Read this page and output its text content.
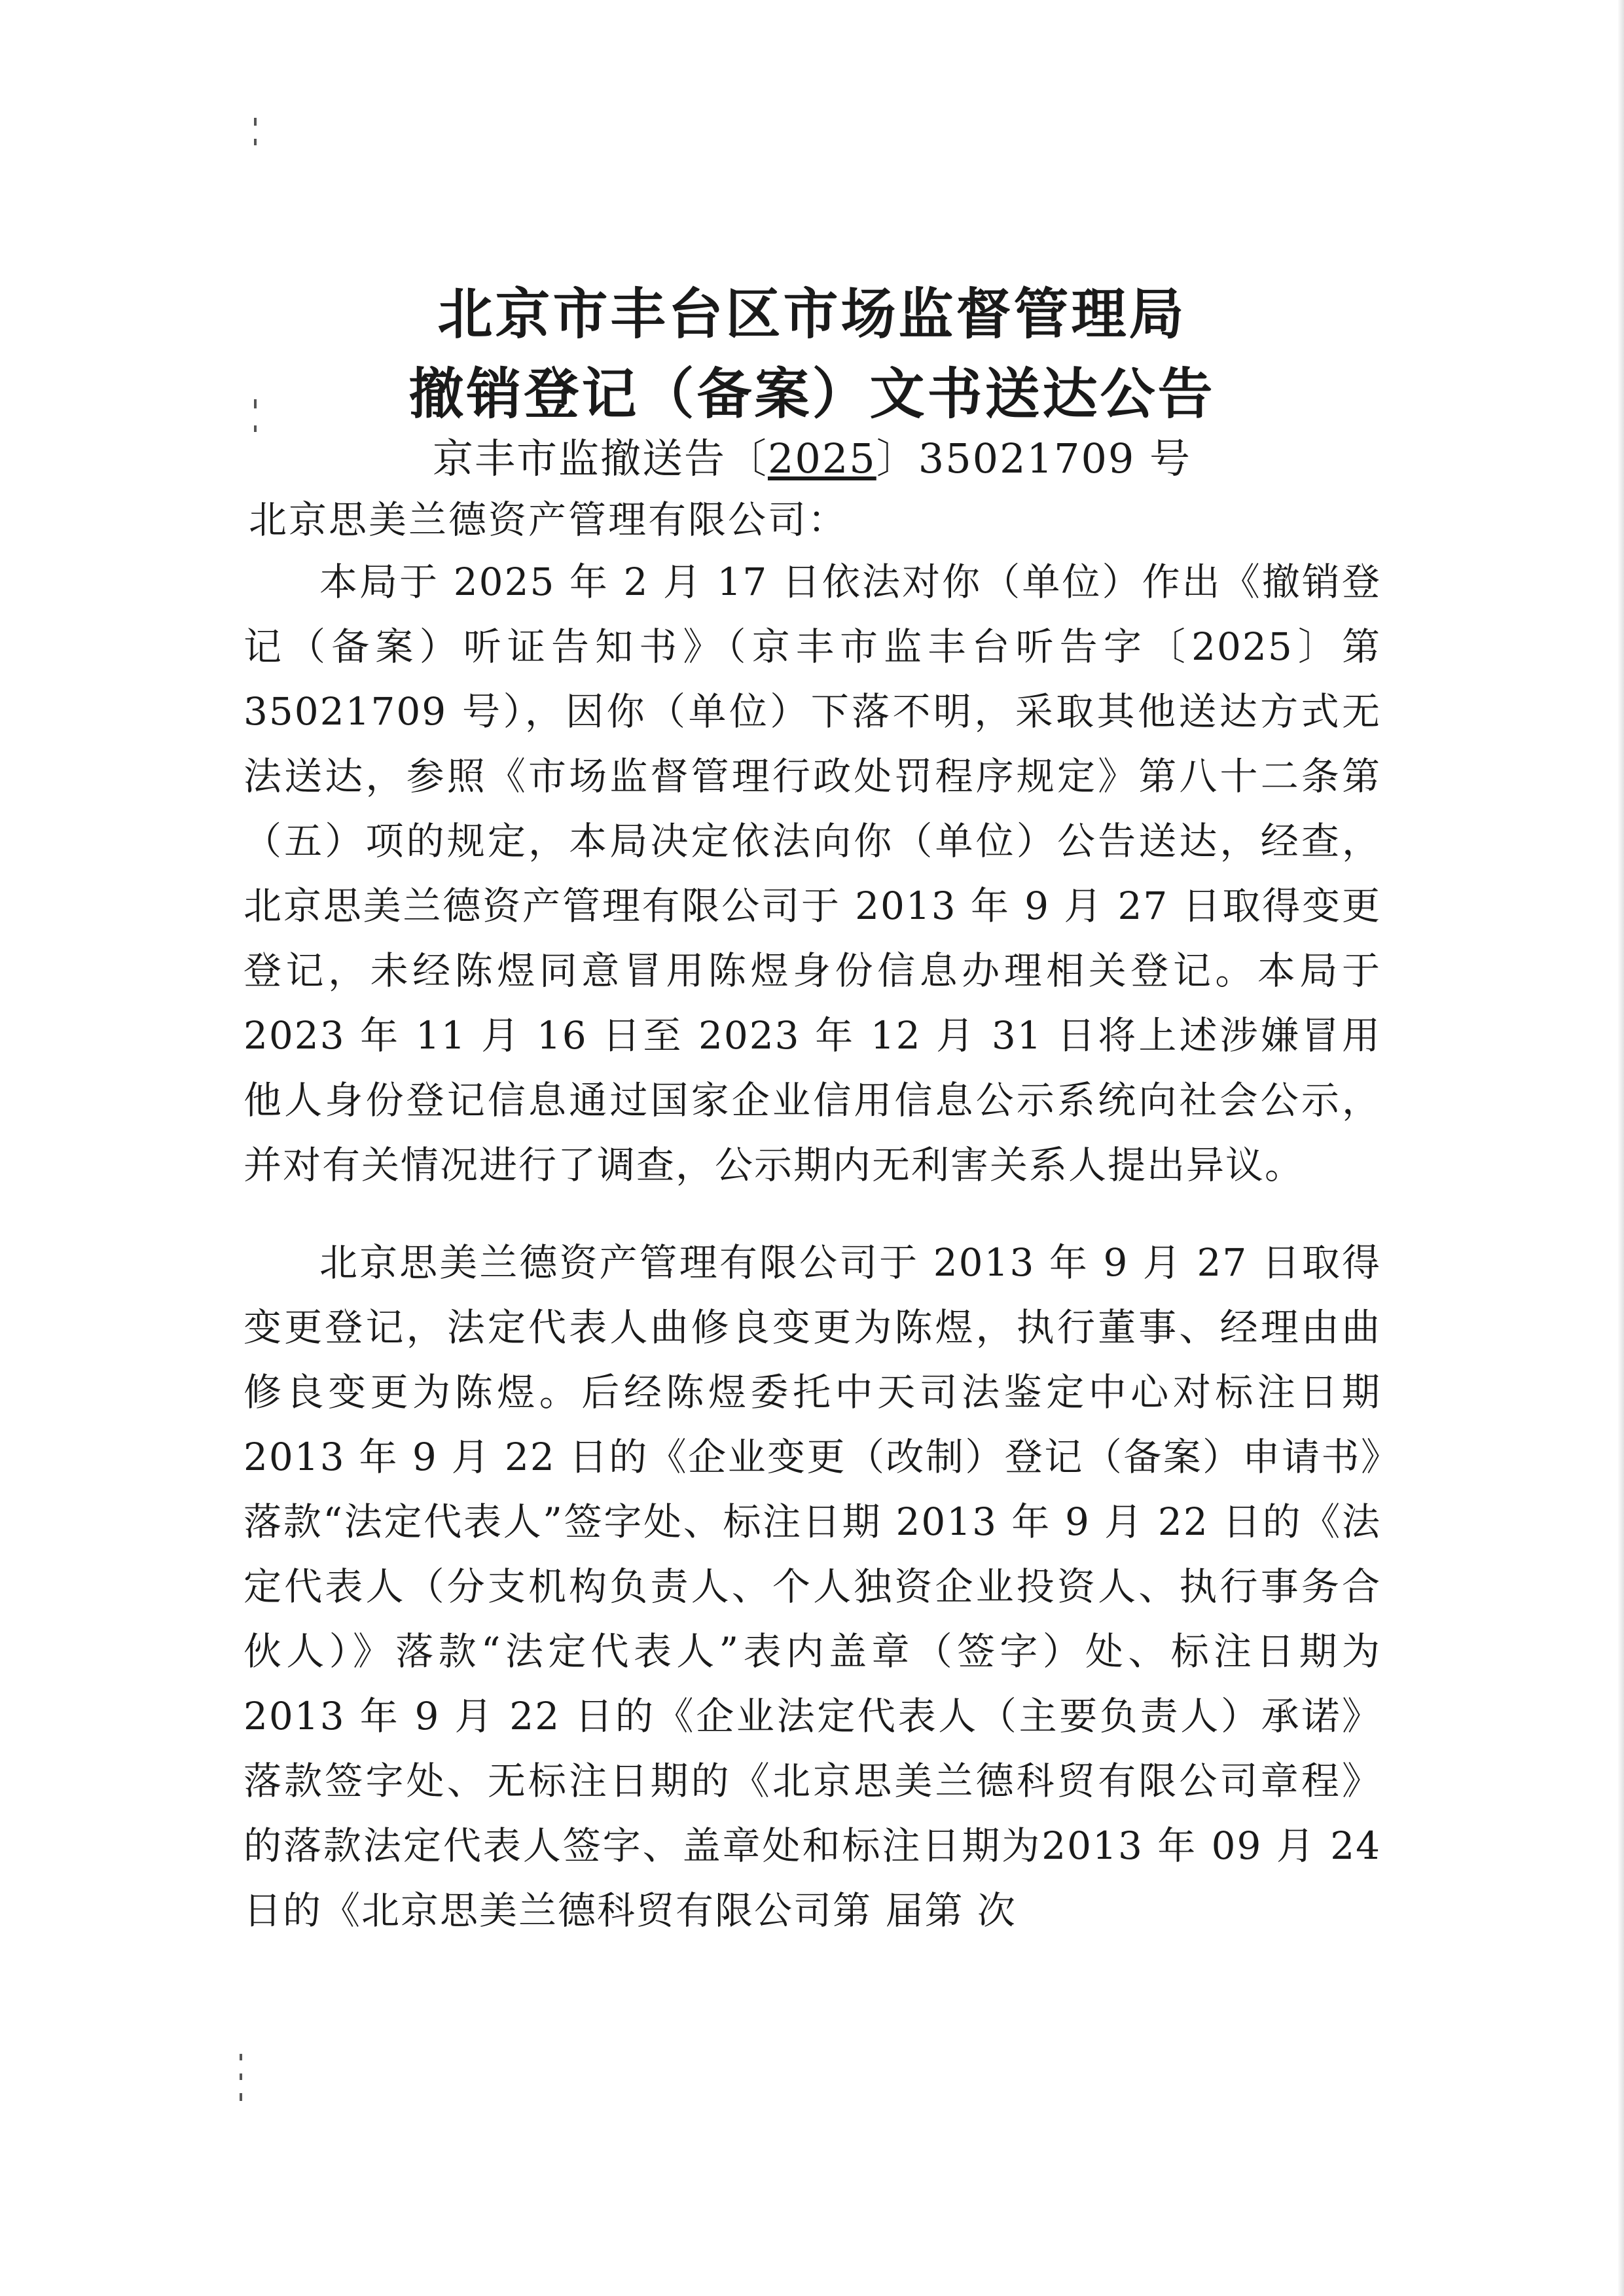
北京市丰台区市场监督管理局
撤销登记（备案）文书送达公告
京丰市监撤送告〔2025〕35021709 号
北京思美兰德资产管理有限公司：

本局于 2025 年 2 月 17 日依法对你（单位）作出《撤销登记（备案）听证告知书》（京丰市监丰台听告字〔2025〕第35021709 号），因你（单位）下落不明，采取其他送达方式无法送达，参照《市场监督管理行政处罚程序规定》第八十二条第（五）项的规定，本局决定依法向你（单位）公告送达，经查，北京思美兰德资产管理有限公司于 2013 年 9 月 27 日取得变更登记，未经陈煜同意冒用陈煜身份信息办理相关登记。本局于 2023 年 11 月 16 日至 2023 年 12 月 31 日将上述涉嫌冒用他人身份登记信息通过国家企业信用信息公示系统向社会公示，并对有关情况进行了调查，公示期内无利害关系人提出异议。

北京思美兰德资产管理有限公司于 2013 年 9 月 27 日取得变更登记，法定代表人曲修良变更为陈煜，执行董事、经理由曲修良变更为陈煜。后经陈煜委托中天司法鉴定中心对标注日期 2013 年 9 月 22 日的《企业变更（改制）登记（备案）申请书》落款“法定代表人”签字处、标注日期 2013 年 9 月 22 日的《法定代表人（分支机构负责人、个人独资企业投资人、执行事务合伙人）》落款“法定代表人”表内盖章（签字）处、标注日期为 2013 年 9 月 22 日的《企业法定代表人（主要负责人）承诺》落款签字处、无标注日期的《北京思美兰德科贸有限公司章程》的落款法定代表人签字、盖章处和标注日期为2013 年 09 月 24 日的《北京思美兰德科贸有限公司第 届第 次
